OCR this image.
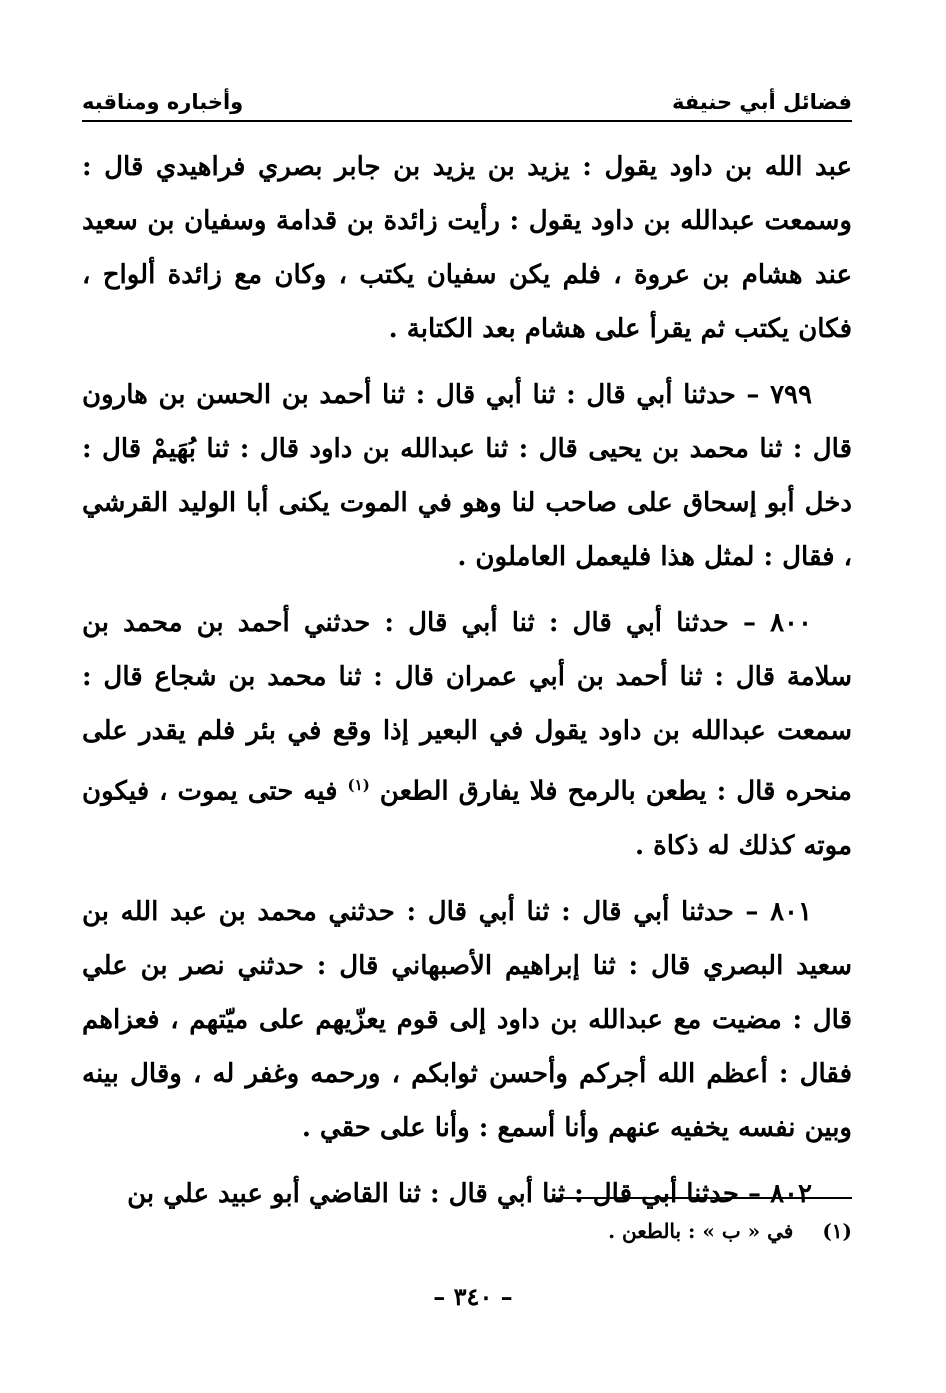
فضائل أبي حنيفة
وأخباره ومناقبه

عبد الله بن داود يقول : يزيد بن يزيد بن جابر بصري فراهيدي قال : وسمعت عبدالله بن داود يقول : رأيت زائدة بن قدامة وسفيان بن سعيد عند هشام بن عروة ، فلم يكن سفيان يكتب ، وكان مع زائدة ألواح ، فكان يكتب ثم يقرأ على هشام بعد الكتابة .

٧٩٩ – حدثنا أبي قال : ثنا أبي قال : ثنا أحمد بن الحسن بن هارون قال : ثنا محمد بن يحيى قال : ثنا عبدالله بن داود قال : ثنا بُهَيمْ قال : دخل أبو إسحاق على صاحب لنا وهو في الموت يكنى أبا الوليد القرشي ، فقال : لمثل هذا فليعمل العاملون .

٨٠٠ – حدثنا أبي قال : ثنا أبي قال : حدثني أحمد بن محمد بن سلامة قال : ثنا أحمد بن أبي عمران قال : ثنا محمد بن شجاع قال : سمعت عبدالله بن داود يقول في البعير إذا وقع في بئر فلم يقدر على منحره قال : يطعن بالرمح فلا يفارق الطعن $^{(١)}$ فيه حتى يموت ، فيكون موته كذلك له ذكاة .

٨٠١ – حدثنا أبي قال : ثنا أبي قال : حدثني محمد بن عبد الله بن سعيد البصري قال : ثنا إبراهيم الأصبهاني قال : حدثني نصر بن علي قال : مضيت مع عبدالله بن داود إلى قوم يعزّيهم على ميّتهم ، فعزاهم فقال : أعظم الله أجركم وأحسن ثوابكم ، ورحمه وغفر له ، وقال بينه وبين نفسه يخفيه عنهم وأنا أسمع : وأنا على حقي .

٨٠٢ – حدثنا أبي قال : ثنا أبي قال : ثنا القاضي أبو عبيد علي بن

(١) في « ب » : بالطعن .
– ٣٤٠ –
